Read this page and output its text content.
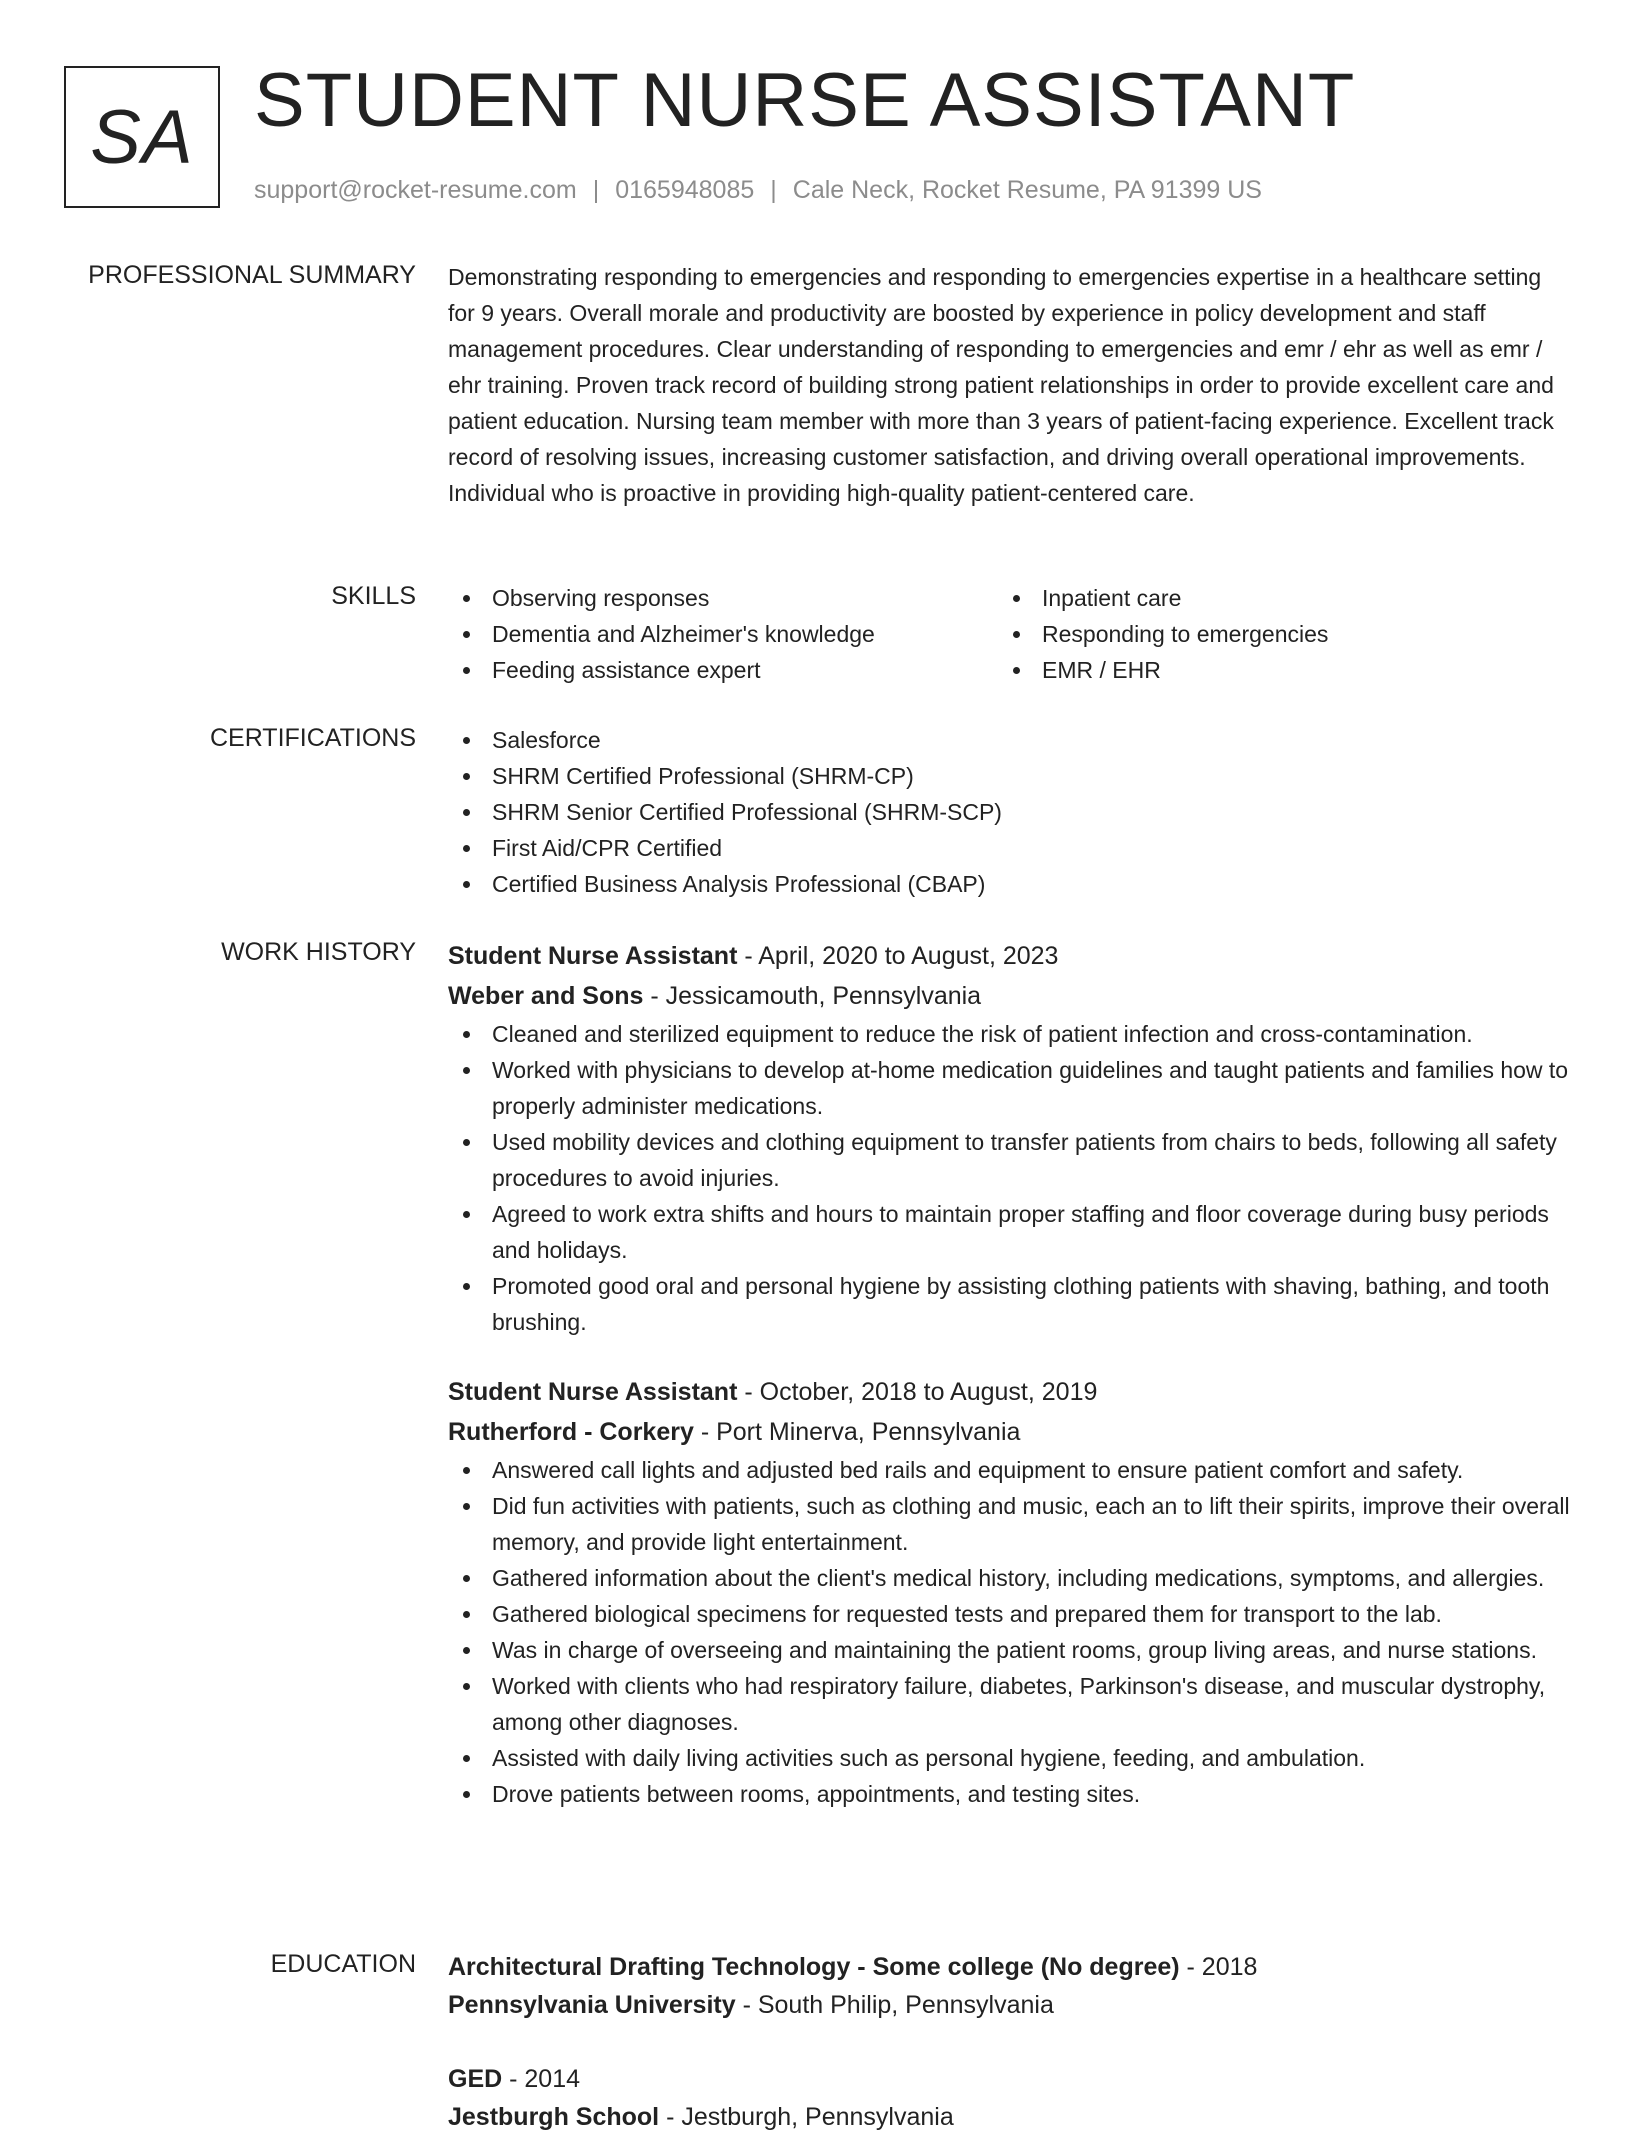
SA STUDENT NURSE ASSISTANT
support@rocket-resume.com | 0165948085 | Cale Neck, Rocket Resume, PA 91399 US
PROFESSIONAL SUMMARY Demonstrating responding to emergencies and responding to emergencies expertise in a healthcare setting for 9 years. Overall morale and productivity are boosted by experience in policy development and staff management procedures. Clear understanding of responding to emergencies and emr / ehr as well as emr / ehr training. Proven track record of building strong patient relationships in order to provide excellent care and patient education. Nursing team member with more than 3 years of patient-facing experience. Excellent track record of resolving issues, increasing customer satisfaction, and driving overall operational improvements. Individual who is proactive in providing high-quality patient-centered care.

SKILLS	Observing responses
Dementia and Alzheimer's knowledge
Feeding assistance expert
Inpatient care
Responding to emergencies
EMR / EHR
CERTIFICATIONS	Salesforce
SHRM Certified Professional (SHRM-CP)
SHRM Senior Certified Professional (SHRM-SCP)
First Aid/CPR Certified
Certified Business Analysis Professional (CBAP)
WORK HISTORY Student Nurse Assistant - April, 2020 to August, 2023
Weber and Sons - Jessicamouth, Pennsylvania
Cleaned and sterilized equipment to reduce the risk of patient infection and cross-contamination.
Worked with physicians to develop at-home medication guidelines and taught patients and families how to properly administer medications.
Used mobility devices and clothing equipment to transfer patients from chairs to beds, following all safety procedures to avoid injuries.
Agreed to work extra shifts and hours to maintain proper staffing and floor coverage during busy periods and holidays.
Promoted good oral and personal hygiene by assisting clothing patients with shaving, bathing, and tooth brushing.
Student Nurse Assistant - October, 2018 to August, 2019
Rutherford - Corkery - Port Minerva, Pennsylvania
Answered call lights and adjusted bed rails and equipment to ensure patient comfort and safety.
Did fun activities with patients, such as clothing and music, each an to lift their spirits, improve their overall memory, and provide light entertainment.
Gathered information about the client's medical history, including medications, symptoms, and allergies.
Gathered biological specimens for requested tests and prepared them for transport to the lab.
Was in charge of overseeing and maintaining the patient rooms, group living areas, and nurse stations.
Worked with clients who had respiratory failure, diabetes, Parkinson's disease, and muscular dystrophy, among other diagnoses.
Assisted with daily living activities such as personal hygiene, feeding, and ambulation.
Drove patients between rooms, appointments, and testing sites.
EDUCATION Architectural Drafting Technology - Some college (No degree) - 2018
Pennsylvania University - South Philip, Pennsylvania
GED - 2014
Jestburgh School - Jestburgh, Pennsylvania
